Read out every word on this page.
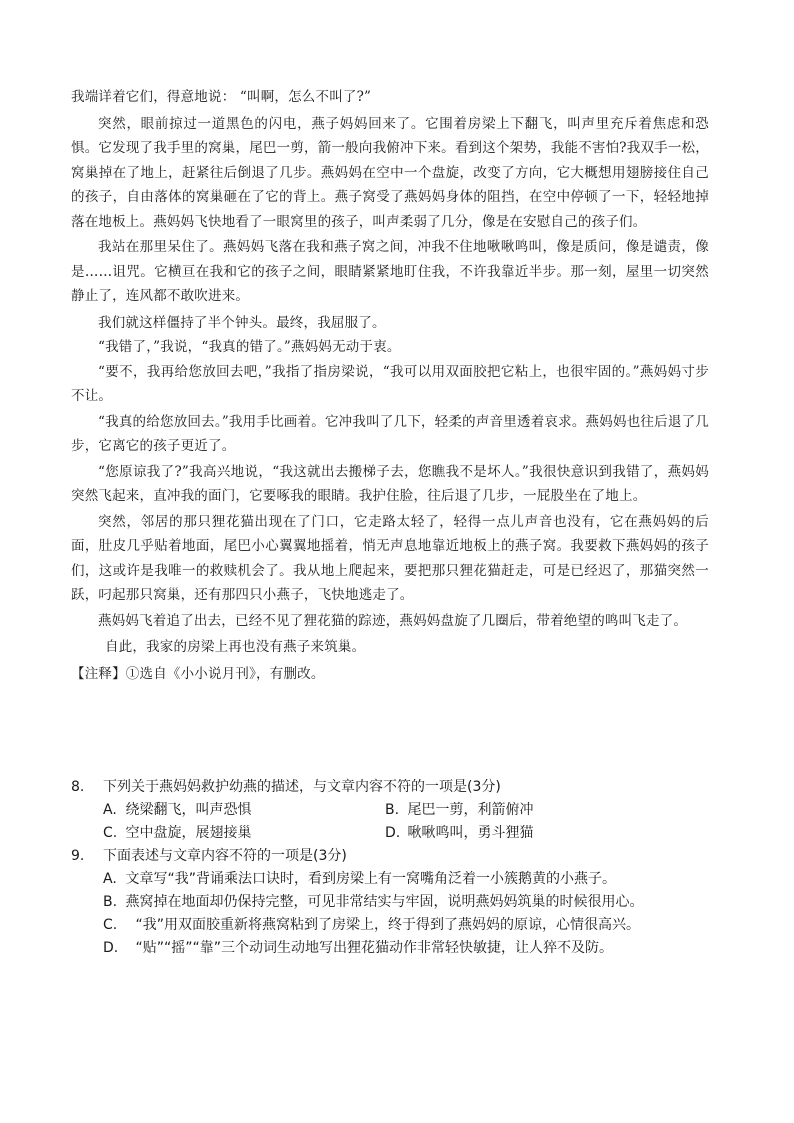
我端详着它们，得意地说： “叫啊，怎么不叫了?”

突然，眼前掠过一道黑色的闪电，燕子妈妈回来了。它围着房梁上下翻飞，叫声里充斥着焦虑和恐惧。它发现了我手里的窝巢，尾巴一剪，箭一般向我俯冲下来。看到这个架势，我能不害怕?我双手一松，窝巢掉在了地上，赶紧往后倒退了几步。燕妈妈在空中一个盘旋，改变了方向，它大概想用翅膀接住自己的孩子，自由落体的窝巢砸在了它的背上。燕子窝受了燕妈妈身体的阻挡，在空中停顿了一下，轻轻地掉落在地板上。燕妈妈飞快地看了一眼窝里的孩子，叫声柔弱了几分，像是在安慰自己的孩子们。

我站在那里呆住了。燕妈妈飞落在我和燕子窝之间，冲我不住地啾啾鸣叫，像是质问，像是谴责，像是……诅咒。它横亘在我和它的孩子之间，眼睛紧紧地盯住我，不许我靠近半步。那一刻，屋里一切突然静止了，连风都不敢吹进来。

我们就这样僵持了半个钟头。最终，我屈服了。

“我错了，”我说，“我真的错了。”燕妈妈无动于衷。

“要不，我再给您放回去吧，”我指了指房梁说，“我可以用双面胶把它粘上，也很牢固的。”燕妈妈寸步不让。

“我真的给您放回去。”我用手比画着。它冲我叫了几下，轻柔的声音里透着哀求。燕妈妈也往后退了几步，它离它的孩子更近了。

“您原谅我了?”我高兴地说，“我这就出去搬梯子去，您瞧我不是坏人。”我很快意识到我错了，燕妈妈突然飞起来，直冲我的面门，它要啄我的眼睛。我护住脸，往后退了几步，一屁股坐在了地上。

突然，邻居的那只狸花猫出现在了门口，它走路太轻了，轻得一点儿声音也没有，它在燕妈妈的后面，肚皮几乎贴着地面，尾巴小心翼翼地摇着，悄无声息地靠近地板上的燕子窝。我要救下燕妈妈的孩子们，这或许是我唯一的救赎机会了。我从地上爬起来，要把那只狸花猫赶走，可是已经迟了，那猫突然一跃，叼起那只窝巢，还有那四只小燕子，飞快地逃走了。

燕妈妈飞着追了出去，已经不见了狸花猫的踪迹，燕妈妈盘旋了几圈后，带着绝望的鸣叫飞走了。

自此，我家的房梁上再也没有燕子来筑巢。

【注释】①选自《小小说月刊》，有删改。

8.	下列关于燕妈妈救护幼燕的描述，与文章内容不符的一项是(3分)
A. 绕梁翻飞，叫声恐惧	B. 尾巴一剪，利箭俯冲
C. 空中盘旋，展翅接巢	D. 啾啾鸣叫，勇斗狸猫
9.	下面表述与文章内容不符的一项是(3分)
A. 文章写“我”背诵乘法口诀时，看到房梁上有一窝嘴角泛着一小簇鹅黄的小燕子。
B. 燕窝掉在地面却仍保持完整，可见非常结实与牢固，说明燕妈妈筑巢的时候很用心。
C. “我”用双面胶重新将燕窝粘到了房梁上，终于得到了燕妈妈的原谅，心情很高兴。
D. “贴”“摇”“靠”三个动词生动地写出狸花猫动作非常轻快敏捷，让人猝不及防。
